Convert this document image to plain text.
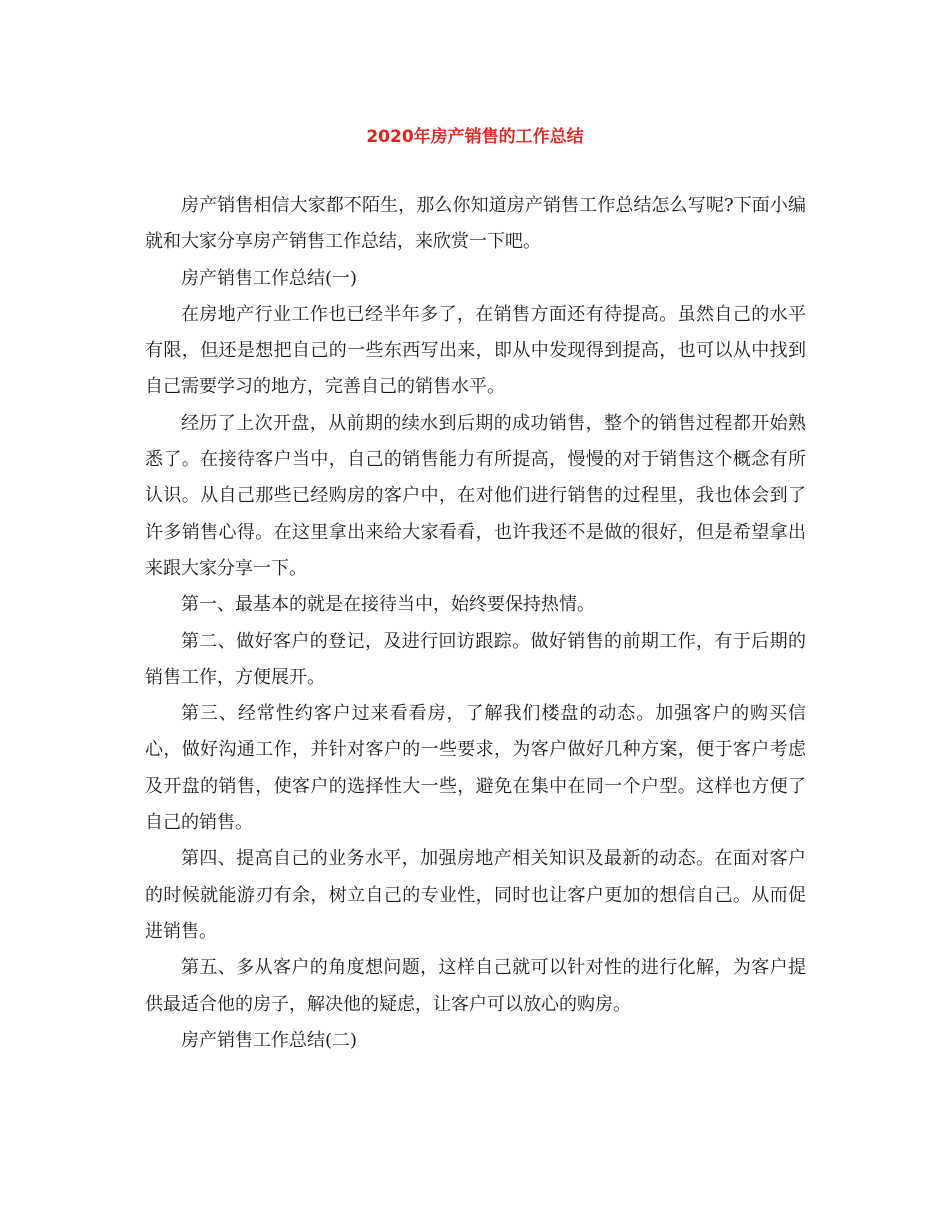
2020年房产销售的工作总结

房产销售相信大家都不陌生，那么你知道房产销售工作总结怎么写呢?下面小编就和大家分享房产销售工作总结，来欣赏一下吧。

房产销售工作总结(一)

在房地产行业工作也已经半年多了，在销售方面还有待提高。虽然自己的水平有限，但还是想把自己的一些东西写出来，即从中发现得到提高，也可以从中找到自己需要学习的地方，完善自己的销售水平。

经历了上次开盘，从前期的续水到后期的成功销售，整个的销售过程都开始熟悉了。在接待客户当中，自己的销售能力有所提高，慢慢的对于销售这个概念有所认识。从自己那些已经购房的客户中，在对他们进行销售的过程里，我也体会到了许多销售心得。在这里拿出来给大家看看，也许我还不是做的很好，但是希望拿出来跟大家分享一下。

第一、最基本的就是在接待当中，始终要保持热情。

第二、做好客户的登记，及进行回访跟踪。做好销售的前期工作，有于后期的销售工作，方便展开。

第三、经常性约客户过来看看房，了解我们楼盘的动态。加强客户的购买信心，做好沟通工作，并针对客户的一些要求，为客户做好几种方案，便于客户考虑及开盘的销售，使客户的选择性大一些，避免在集中在同一个户型。这样也方便了自己的销售。

第四、提高自己的业务水平，加强房地产相关知识及最新的动态。在面对客户的时候就能游刃有余，树立自己的专业性，同时也让客户更加的想信自己。从而促进销售。

第五、多从客户的角度想问题，这样自己就可以针对性的进行化解，为客户提供最适合他的房子，解决他的疑虑，让客户可以放心的购房。

房产销售工作总结(二)
